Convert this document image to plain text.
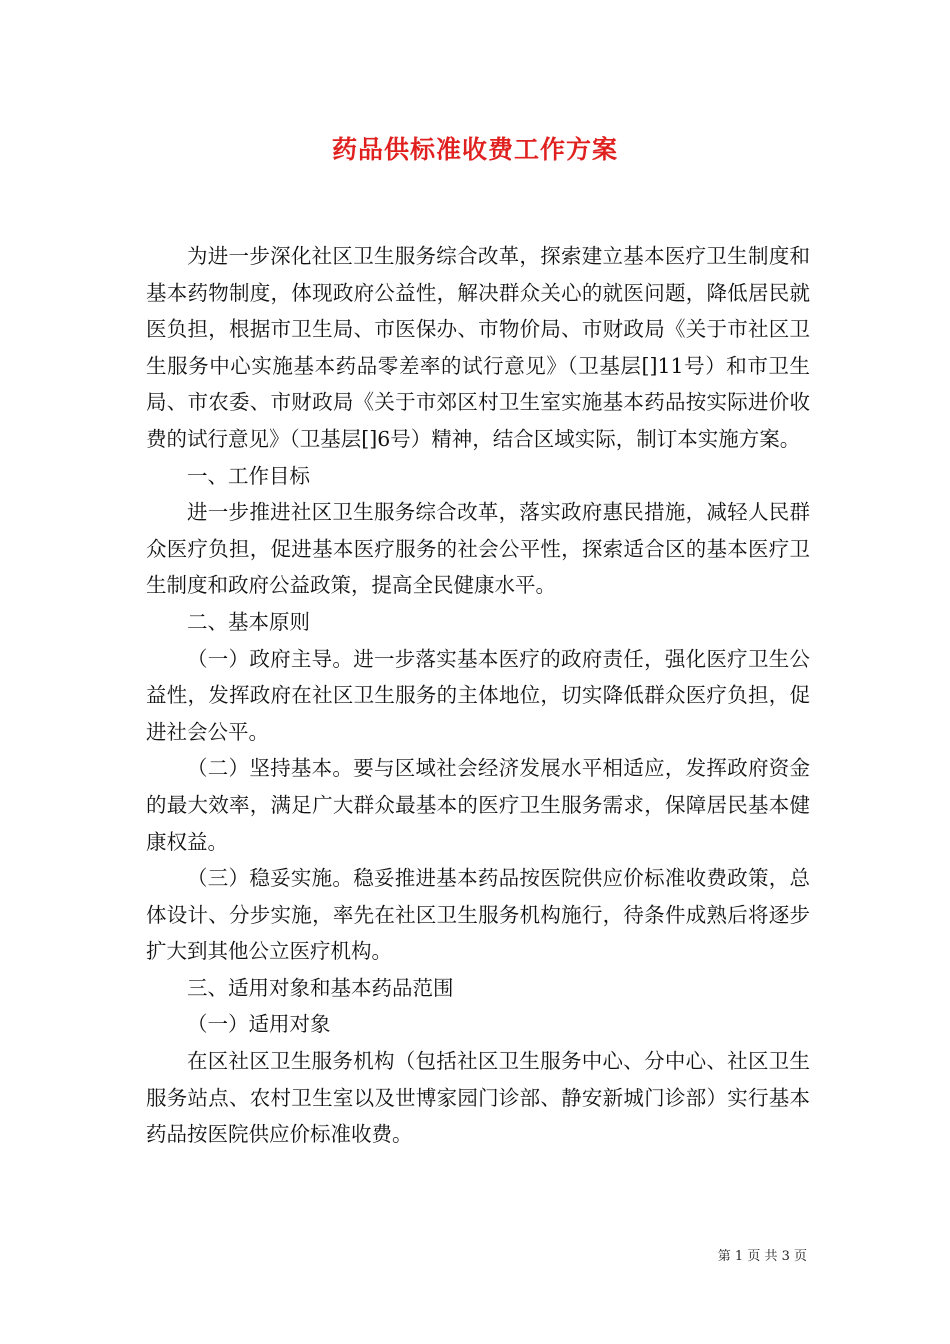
药品供标准收费工作方案

为进一步深化社区卫生服务综合改革，探索建立基本医疗卫生制度和基本药物制度，体现政府公益性，解决群众关心的就医问题，降低居民就医负担，根据市卫生局、市医保办、市物价局、市财政局《关于市社区卫生服务中心实施基本药品零差率的试行意见》（卫基层[]11号）和市卫生局、市农委、市财政局《关于市郊区村卫生室实施基本药品按实际进价收费的试行意见》（卫基层[]6号）精神，结合区域实际，制订本实施方案。

一、工作目标

进一步推进社区卫生服务综合改革，落实政府惠民措施，减轻人民群众医疗负担，促进基本医疗服务的社会公平性，探索适合区的基本医疗卫生制度和政府公益政策，提高全民健康水平。

二、基本原则

（一）政府主导。进一步落实基本医疗的政府责任，强化医疗卫生公益性，发挥政府在社区卫生服务的主体地位，切实降低群众医疗负担，促进社会公平。

（二）坚持基本。要与区域社会经济发展水平相适应，发挥政府资金的最大效率，满足广大群众最基本的医疗卫生服务需求，保障居民基本健康权益。

（三）稳妥实施。稳妥推进基本药品按医院供应价标准收费政策，总体设计、分步实施，率先在社区卫生服务机构施行，待条件成熟后将逐步扩大到其他公立医疗机构。

三、适用对象和基本药品范围

（一）适用对象

在区社区卫生服务机构（包括社区卫生服务中心、分中心、社区卫生服务站点、农村卫生室以及世博家园门诊部、静安新城门诊部）实行基本药品按医院供应价标准收费。

第 1 页 共 3 页
